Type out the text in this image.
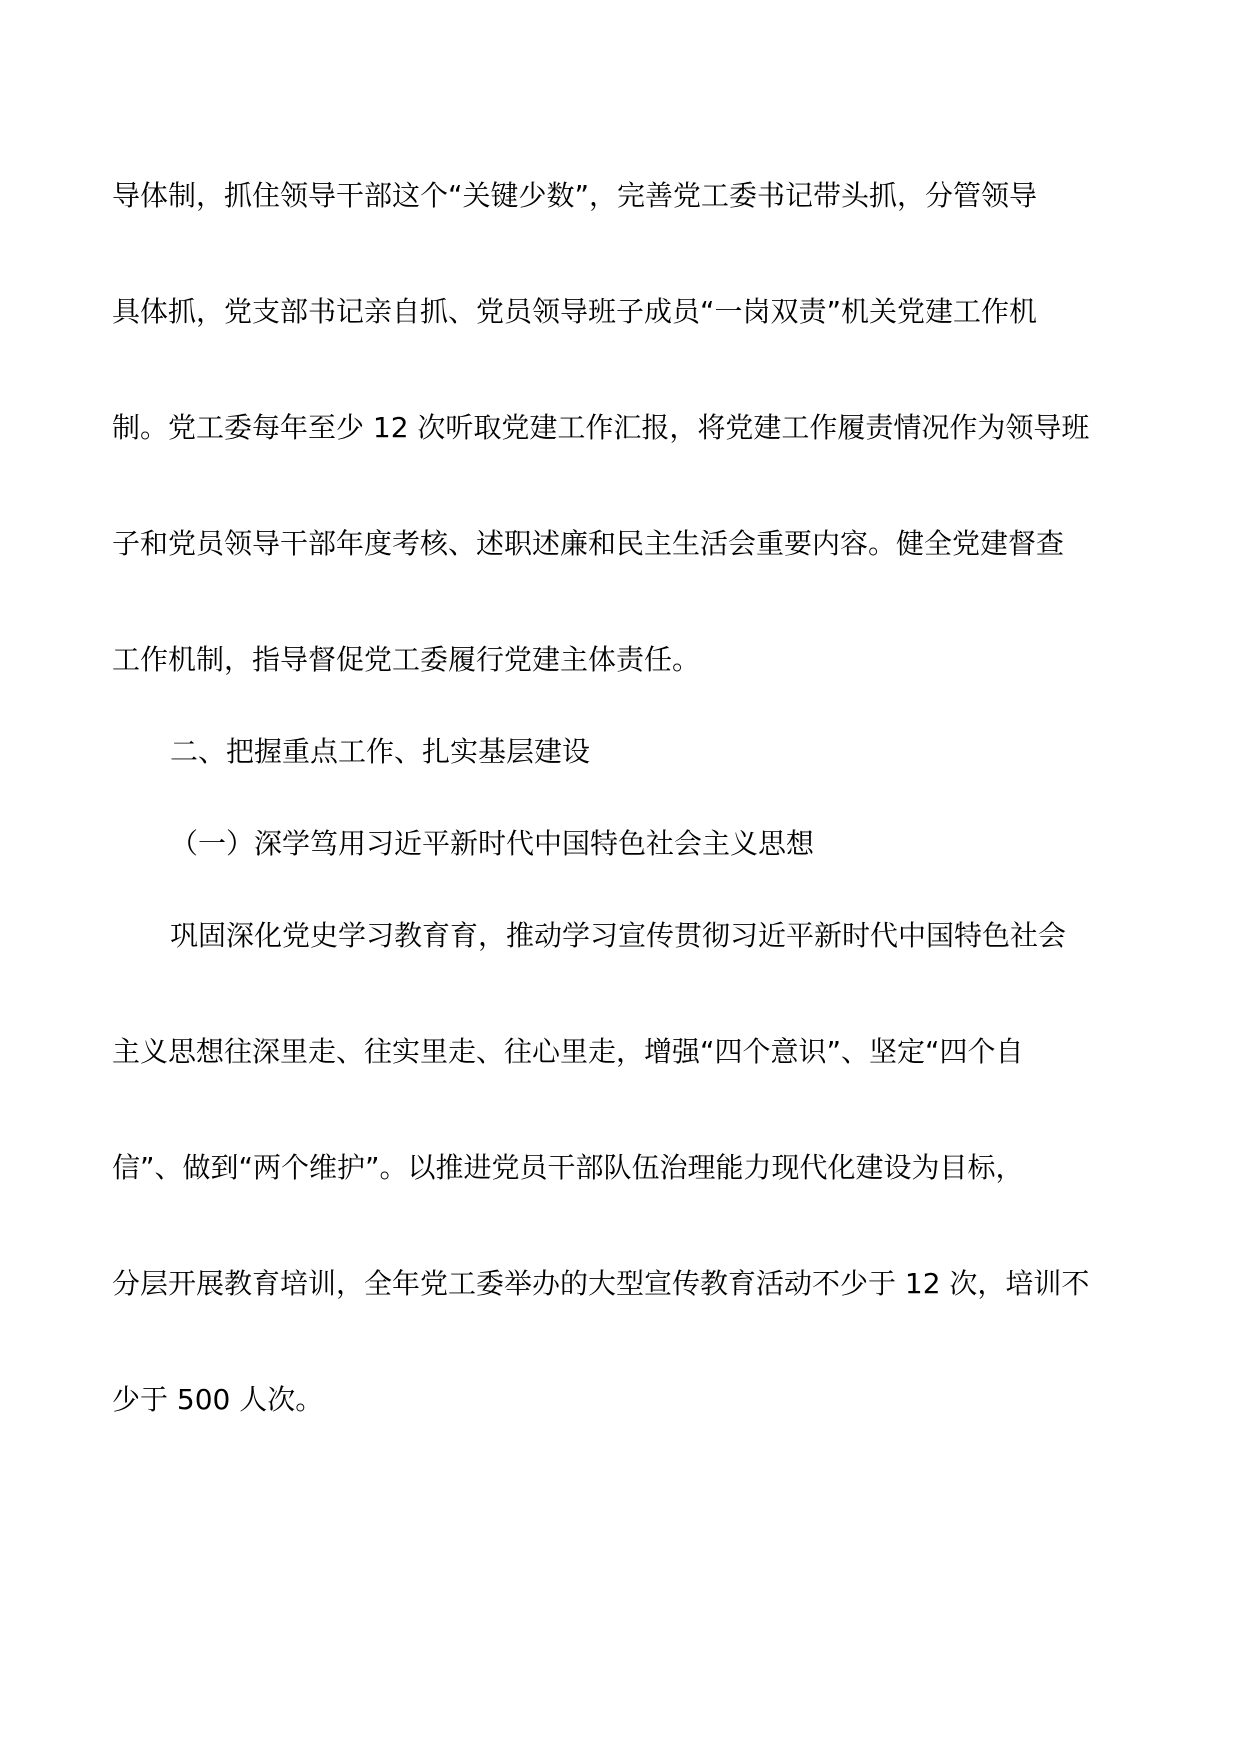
导体制，抓住领导干部这个“关键少数”，完善党工委书记带头抓，分管领导
具体抓，党支部书记亲自抓、党员领导班子成员“一岗双责”机关党建工作机
制。党工委每年至少 12 次听取党建工作汇报，将党建工作履责情况作为领导班
子和党员领导干部年度考核、述职述廉和民主生活会重要内容。健全党建督查
工作机制，指导督促党工委履行党建主体责任。
二、把握重点工作、扎实基层建设
（一）深学笃用习近平新时代中国特色社会主义思想
巩固深化党史学习教育育，推动学习宣传贯彻习近平新时代中国特色社会
主义思想往深里走、往实里走、往心里走，增强“四个意识”、坚定“四个自
信”、做到“两个维护”。以推进党员干部队伍治理能力现代化建设为目标，
分层开展教育培训，全年党工委举办的大型宣传教育活动不少于 12 次，培训不
少于 500 人次。
